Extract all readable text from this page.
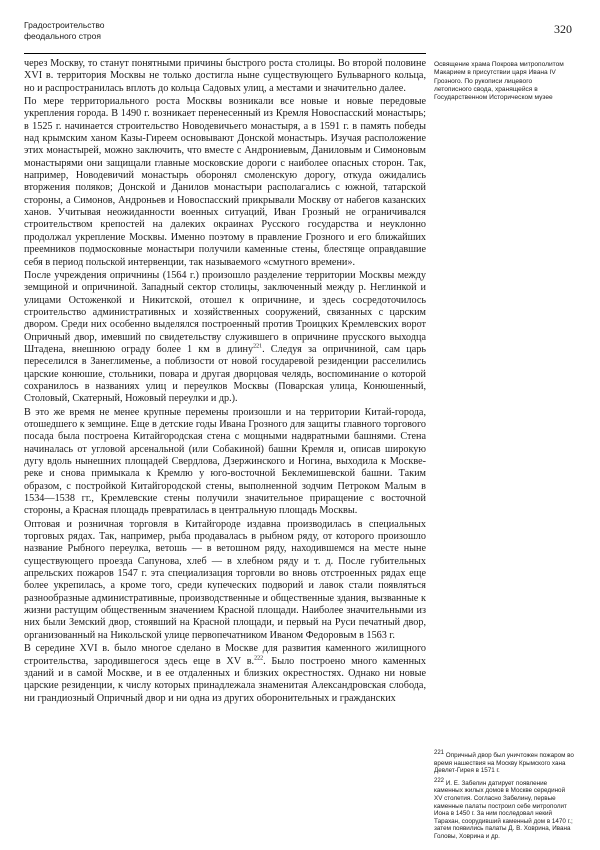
Градостроительство
феодального строя	320

через Москву, то станут понятными причины быстрого роста столицы. Во второй половине XVI в. территория Москвы не только достигла ныне существующего Бульварного кольца, но и распространилась вплоть до кольца Садовых улиц, а местами и значительно далее.

По мере территориального роста Москвы возникали все новые и новые передовые укрепления города. В 1490 г. возникает перенесенный из Кремля Новоспасский монастырь; в 1525 г. начинается строительство Новодевичьего монастыря, а в 1591 г. в память победы над крымским ханом Казы-Гиреем основывают Донской монастырь. Изучая расположение этих монастырей, можно заключить, что вместе с Андрониевым, Даниловым и Симоновым монастырями они защищали главные московские дороги с наиболее опасных сторон. Так, например, Новодевичий монастырь оборонял смоленскую дорогу, откуда ожидались вторжения поляков; Донской и Данилов монастыри располагались с южной, татарской стороны, а Симонов, Андроньев и Новоспасский прикрывали Москву от набегов казанских ханов. Учитывая неожиданности военных ситуаций, Иван Грозный не ограничивался строительством крепостей на далеких окраинах Русского государства и неуклонно продолжал укрепление Москвы. Именно поэтому в правление Грозного и его ближайших преемников подмосковные монастыри получили каменные стены, блестяще оправдавшие себя в период польской интервенции, так называемого «смутного времени».

После учреждения опричнины (1564 г.) произошло разделение территории Москвы между земщиной и опричниной. Западный сектор столицы, заключенный между р. Неглинкой и улицами Остоженкой и Никитской, отошел к опричнине, и здесь сосредоточилось строительство административных и хозяйственных сооружений, связанных с царским двором. Среди них особенно выделялся построенный против Троицких Кремлевских ворот Опричный двор, имевший по свидетельству служившего в опричнине прусского выходца Штадена, внешнюю ограду более 1 км в длину$^{221}$. Следуя за опричниной, сам царь переселился в Занеглименье, а поблизости от новой государевой резиденции расселились царские конюшие, стольники, повара и другая дворцовая челядь, воспоминание о которой сохранилось в названиях улиц и переулков Москвы (Поварская улица, Конюшенный, Столовый, Скатерный, Ножовый переулки и др.).

В это же время не менее крупные перемены произошли и на территории Китай-города, отошедшего к земщине. Еще в детские годы Ивана Грозного для защиты главного торгового посада была построена Китайгородская стена с мощными надвратными башнями. Стена начиналась от угловой арсенальной (или Собакиной) башни Кремля и, описав широкую дугу вдоль нынешних площадей Свердлова, Дзержинского и Ногина, выходила к Москве-реке и снова примыкала к Кремлю у юго-восточной Беклемишевской башни. Таким образом, с постройкой Китайгородской стены, выполненной зодчим Петроком Малым в 1534—1538 гг., Кремлевские стены получили значительное приращение с восточной стороны, а Красная площадь превратилась в центральную площадь Москвы.

Оптовая и розничная торговля в Китайгороде издавна производилась в специальных торговых рядах. Так, например, рыба продавалась в рыбном ряду, от которого произошло название Рыбного переулка, ветошь — в ветошном ряду, находившемся на месте ныне существующего проезда Сапунова, хлеб — в хлебном ряду и т. д. После губительных апрельских пожаров 1547 г. эта специализация торговли во вновь отстроенных рядах еще более укрепилась, а кроме того, среди купеческих подворий и лавок стали появляться разнообразные административные, производственные и общественные здания, вызванные к жизни растущим общественным значением Красной площади. Наиболее значительными из них были Земский двор, стоявший на Красной площади, и первый на Руси печатный двор, организованный на Никольской улице первопечатником Иваном Федоровым в 1563 г.

В середине XVI в. было многое сделано в Москве для развития каменного жилищного строительства, зародившегося здесь еще в XV в.$^{222}$. Было построено много каменных зданий и в самой Москве, и в ее отдаленных и близких окрестностях. Однако ни новые царские резиденции, к числу которых принадлежала знаменитая Александровская слобода, ни грандиозный Опричный двор и ни одна из других оборонительных и гражданских

Освящение храма Покрова митрополитом Макарием в присутствии царя Ивана IV Грозного. По рукописи лицевого летописного свода, хранящейся в Государственном Историческом музее
$^{221}$ Опричный двор был уничтожен пожаром во время нашествия на Москву Крымского хана Девлет-Гирея в 1571 г.
$^{222}$ И. Е. Забелин датирует появление каменных жилых домов в Москве серединой XV столетия. Согласно Забелину, первые каменные палаты построил себе митрополит Иона в 1450 г. За ним последовал некий Тарахан, соорудивший каменный дом в 1470 г.; затем появились палаты Д. В. Ховрина, Ивана Головы, Ховрина и др.
